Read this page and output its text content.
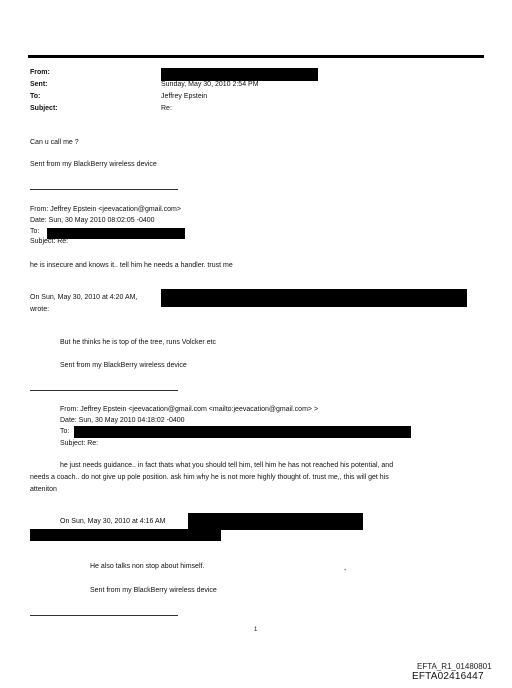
From:
Sent:
To:
Subject:
Sunday, May 30, 2010 2:54 PM
Jeffrey Epstein
Re:
Can u call me ?
Sent from my BlackBerry wireless device
From: Jeffrey Epstein <jeevacation@gmail.com>
Date: Sun, 30 May 2010 08:02:05 -0400
To:
Subject: Re:
he is insecure and knows it.. tell him he needs a handler. trust me
On Sun, May 30, 2010 at 4:20 AM,
wrote:
But he thinks he is top of the tree, runs Volcker etc
Sent from my BlackBerry wireless device
From: Jeffrey Epstein <jeevacation@gmail.com <mailto:jeevacation@gmail.com> >
Date: Sun, 30 May 2010 04:18:02 -0400
To:
Subject: Re:
he just needs guidance.. in fact thats what you should tell him, tell him he has not reached his potential, and
needs a coach.. do not give up pole position. ask him why he is not more highly thought of. trust me,, this will get his
atteniton
On Sun, May 30, 2010 at 4:16 AM
He also talks non stop about himself.
-
Sent from my BlackBerry wireless device
1
EFTA_R1_01480801
EFTA02416447
